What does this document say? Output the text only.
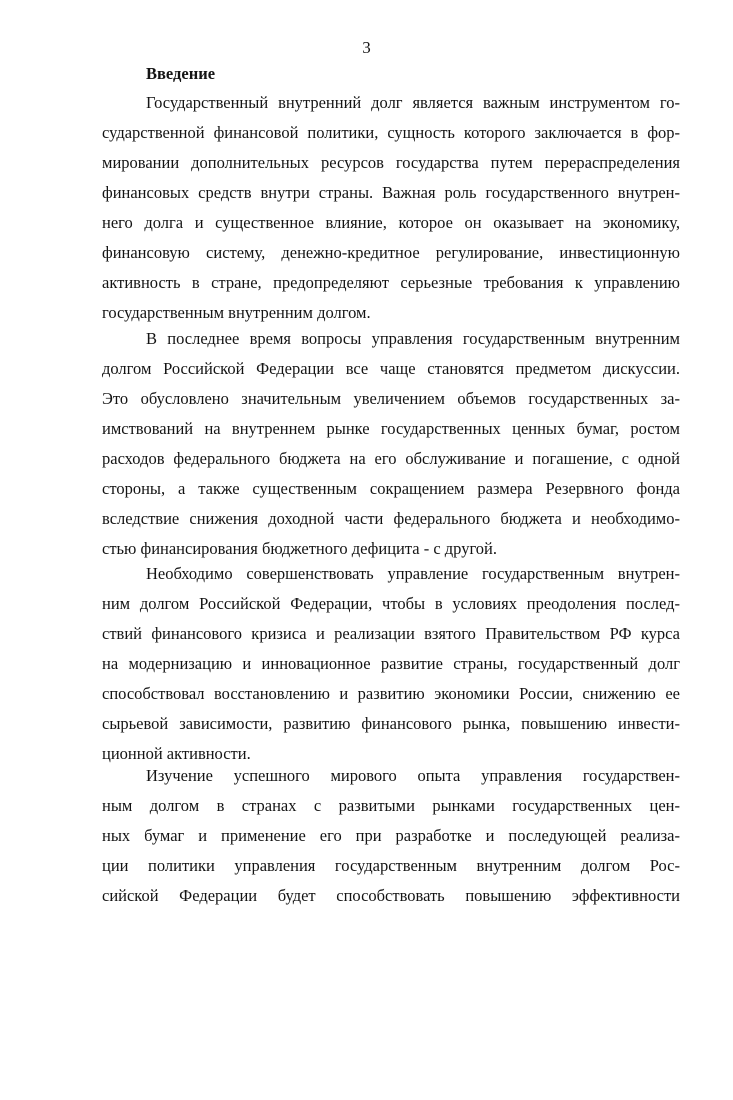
3
Введение
Государственный внутренний долг является важным инструментом го-
сударственной финансовой политики, сущность которого заключается в фор-
мировании дополнительных ресурсов государства путем перераспределения
финансовых средств внутри страны. Важная роль государственного внутрен-
него долга и существенное влияние, которое он оказывает на экономику,
финансовую систему, денежно-кредитное регулирование, инвестиционную
активность в стране, предопределяют серьезные требования к управлению
государственным внутренним долгом.
В последнее время вопросы управления государственным внутренним
долгом Российской Федерации все чаще становятся предметом дискуссии.
Это обусловлено значительным увеличением объемов государственных за-
имствований на внутреннем рынке государственных ценных бумаг, ростом
расходов федерального бюджета на его обслуживание и погашение, с одной
стороны, а также существенным сокращением размера Резервного фонда
вследствие снижения доходной части федерального бюджета и необходимо-
стью финансирования бюджетного дефицита - с другой.
Необходимо совершенствовать управление государственным внутрен-
ним долгом Российской Федерации, чтобы в условиях преодоления послед-
ствий финансового кризиса и реализации взятого Правительством РФ курса
на модернизацию и инновационное развитие страны, государственный долг
способствовал восстановлению и развитию экономики России, снижению ее
сырьевой зависимости, развитию финансового рынка, повышению инвести-
ционной активности.
Изучение успешного мирового опыта управления государствен-
ным долгом в странах с развитыми рынками государственных цен-
ных бумаг и применение его при разработке и последующей реализа-
ции политики управления государственным внутренним долгом Рос-
сийской Федерации будет способствовать повышению эффективности
